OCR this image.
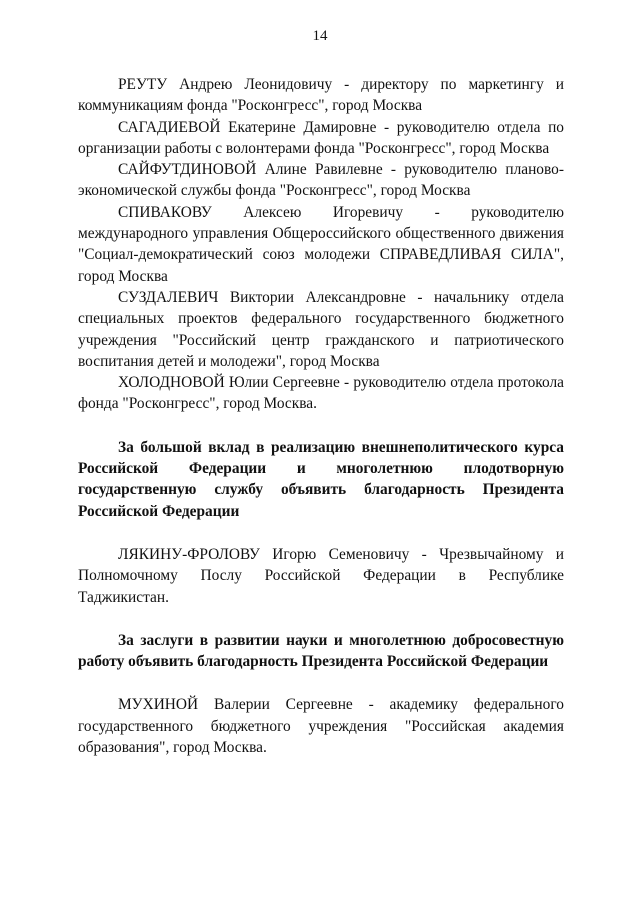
14

РЕУТУ Андрею Леонидовичу - директору по маркетингу и коммуникациям фонда "Росконгресс", город Москва

САГАДИЕВОЙ Екатерине Дамировне - руководителю отдела по организации работы с волонтерами фонда "Росконгресс", город Москва

САЙФУТДИНОВОЙ Алине Равилевне - руководителю планово-экономической службы фонда "Росконгресс", город Москва

СПИВАКОВУ Алексею Игоревичу - руководителю международного управления Общероссийского общественного движения "Социал-демократический союз молодежи СПРАВЕДЛИВАЯ СИЛА", город Москва

СУЗДАЛЕВИЧ Виктории Александровне - начальнику отдела специальных проектов федерального государственного бюджетного учреждения "Российский центр гражданского и патриотического воспитания детей и молодежи", город Москва

ХОЛОДНОВОЙ Юлии Сергеевне - руководителю отдела протокола фонда "Росконгресс", город Москва.

За большой вклад в реализацию внешнеполитического курса Российской Федерации и многолетнюю плодотворную государственную службу объявить благодарность Президента Российской Федерации

ЛЯКИНУ-ФРОЛОВУ Игорю Семеновичу - Чрезвычайному и Полномочному Послу Российской Федерации в Республике Таджикистан.

За заслуги в развитии науки и многолетнюю добросовестную работу объявить благодарность Президента Российской Федерации

МУХИНОЙ Валерии Сергеевне - академику федерального государственного бюджетного учреждения "Российская академия образования", город Москва.
